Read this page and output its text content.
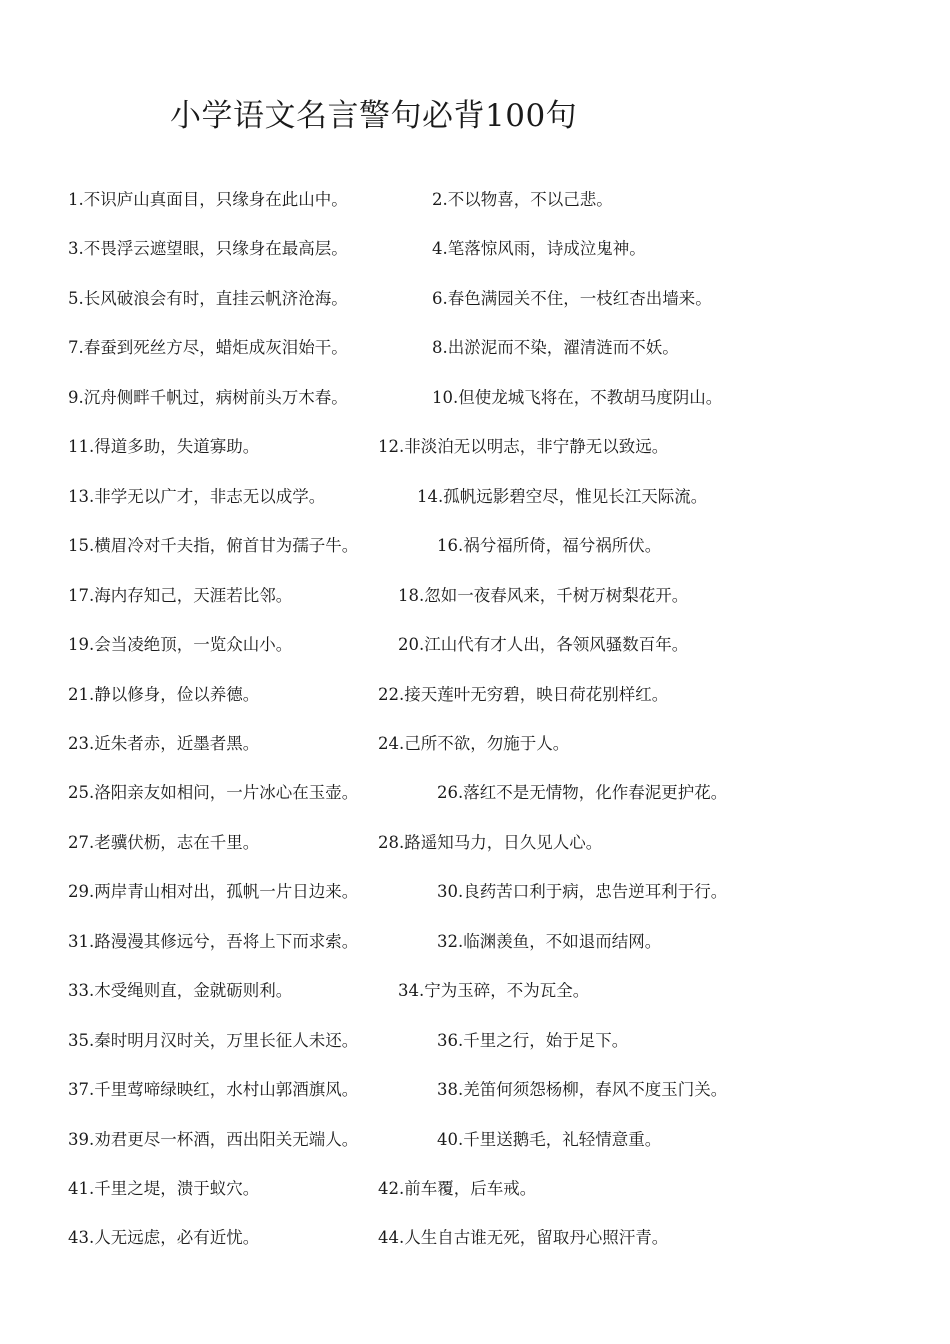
小学语文名言警句必背100句
1.不识庐山真面目，只缘身在此山中。	2.不以物喜，不以己悲。
3.不畏浮云遮望眼，只缘身在最高层。	4.笔落惊风雨，诗成泣鬼神。
5.长风破浪会有时，直挂云帆济沧海。	6.春色满园关不住，一枝红杏出墙来。
7.春蚕到死丝方尽，蜡炬成灰泪始干。	8.出淤泥而不染，濯清涟而不妖。
9.沉舟侧畔千帆过，病树前头万木春。	10.但使龙城飞将在，不教胡马度阴山。
11.得道多助，失道寡助。	12.非淡泊无以明志，非宁静无以致远。
13.非学无以广才，非志无以成学。	14.孤帆远影碧空尽，惟见长江天际流。
15.横眉冷对千夫指，俯首甘为孺子牛。	16.祸兮福所倚，福兮祸所伏。
17.海内存知己，天涯若比邻。	18.忽如一夜春风来，千树万树梨花开。
19.会当凌绝顶，一览众山小。	20.江山代有才人出，各领风骚数百年。
21.静以修身，俭以养德。	22.接天莲叶无穷碧，映日荷花别样红。
23.近朱者赤，近墨者黑。	24.己所不欲，勿施于人。
25.洛阳亲友如相问，一片冰心在玉壶。	26.落红不是无情物，化作春泥更护花。
27.老骥伏枥，志在千里。	28.路遥知马力，日久见人心。
29.两岸青山相对出，孤帆一片日边来。	30.良药苦口利于病，忠告逆耳利于行。
31.路漫漫其修远兮，吾将上下而求索。	32.临渊羡鱼，不如退而结网。
33.木受绳则直，金就砺则利。	34.宁为玉碎，不为瓦全。
35.秦时明月汉时关，万里长征人未还。	36.千里之行，始于足下。
37.千里莺啼绿映红，水村山郭酒旗风。	38.羌笛何须怨杨柳，春风不度玉门关。
39.劝君更尽一杯酒，西出阳关无端人。	40.千里送鹅毛，礼轻情意重。
41.千里之堤，溃于蚁穴。	42.前车覆，后车戒。
43.人无远虑，必有近忧。	44.人生自古谁无死，留取丹心照汗青。
